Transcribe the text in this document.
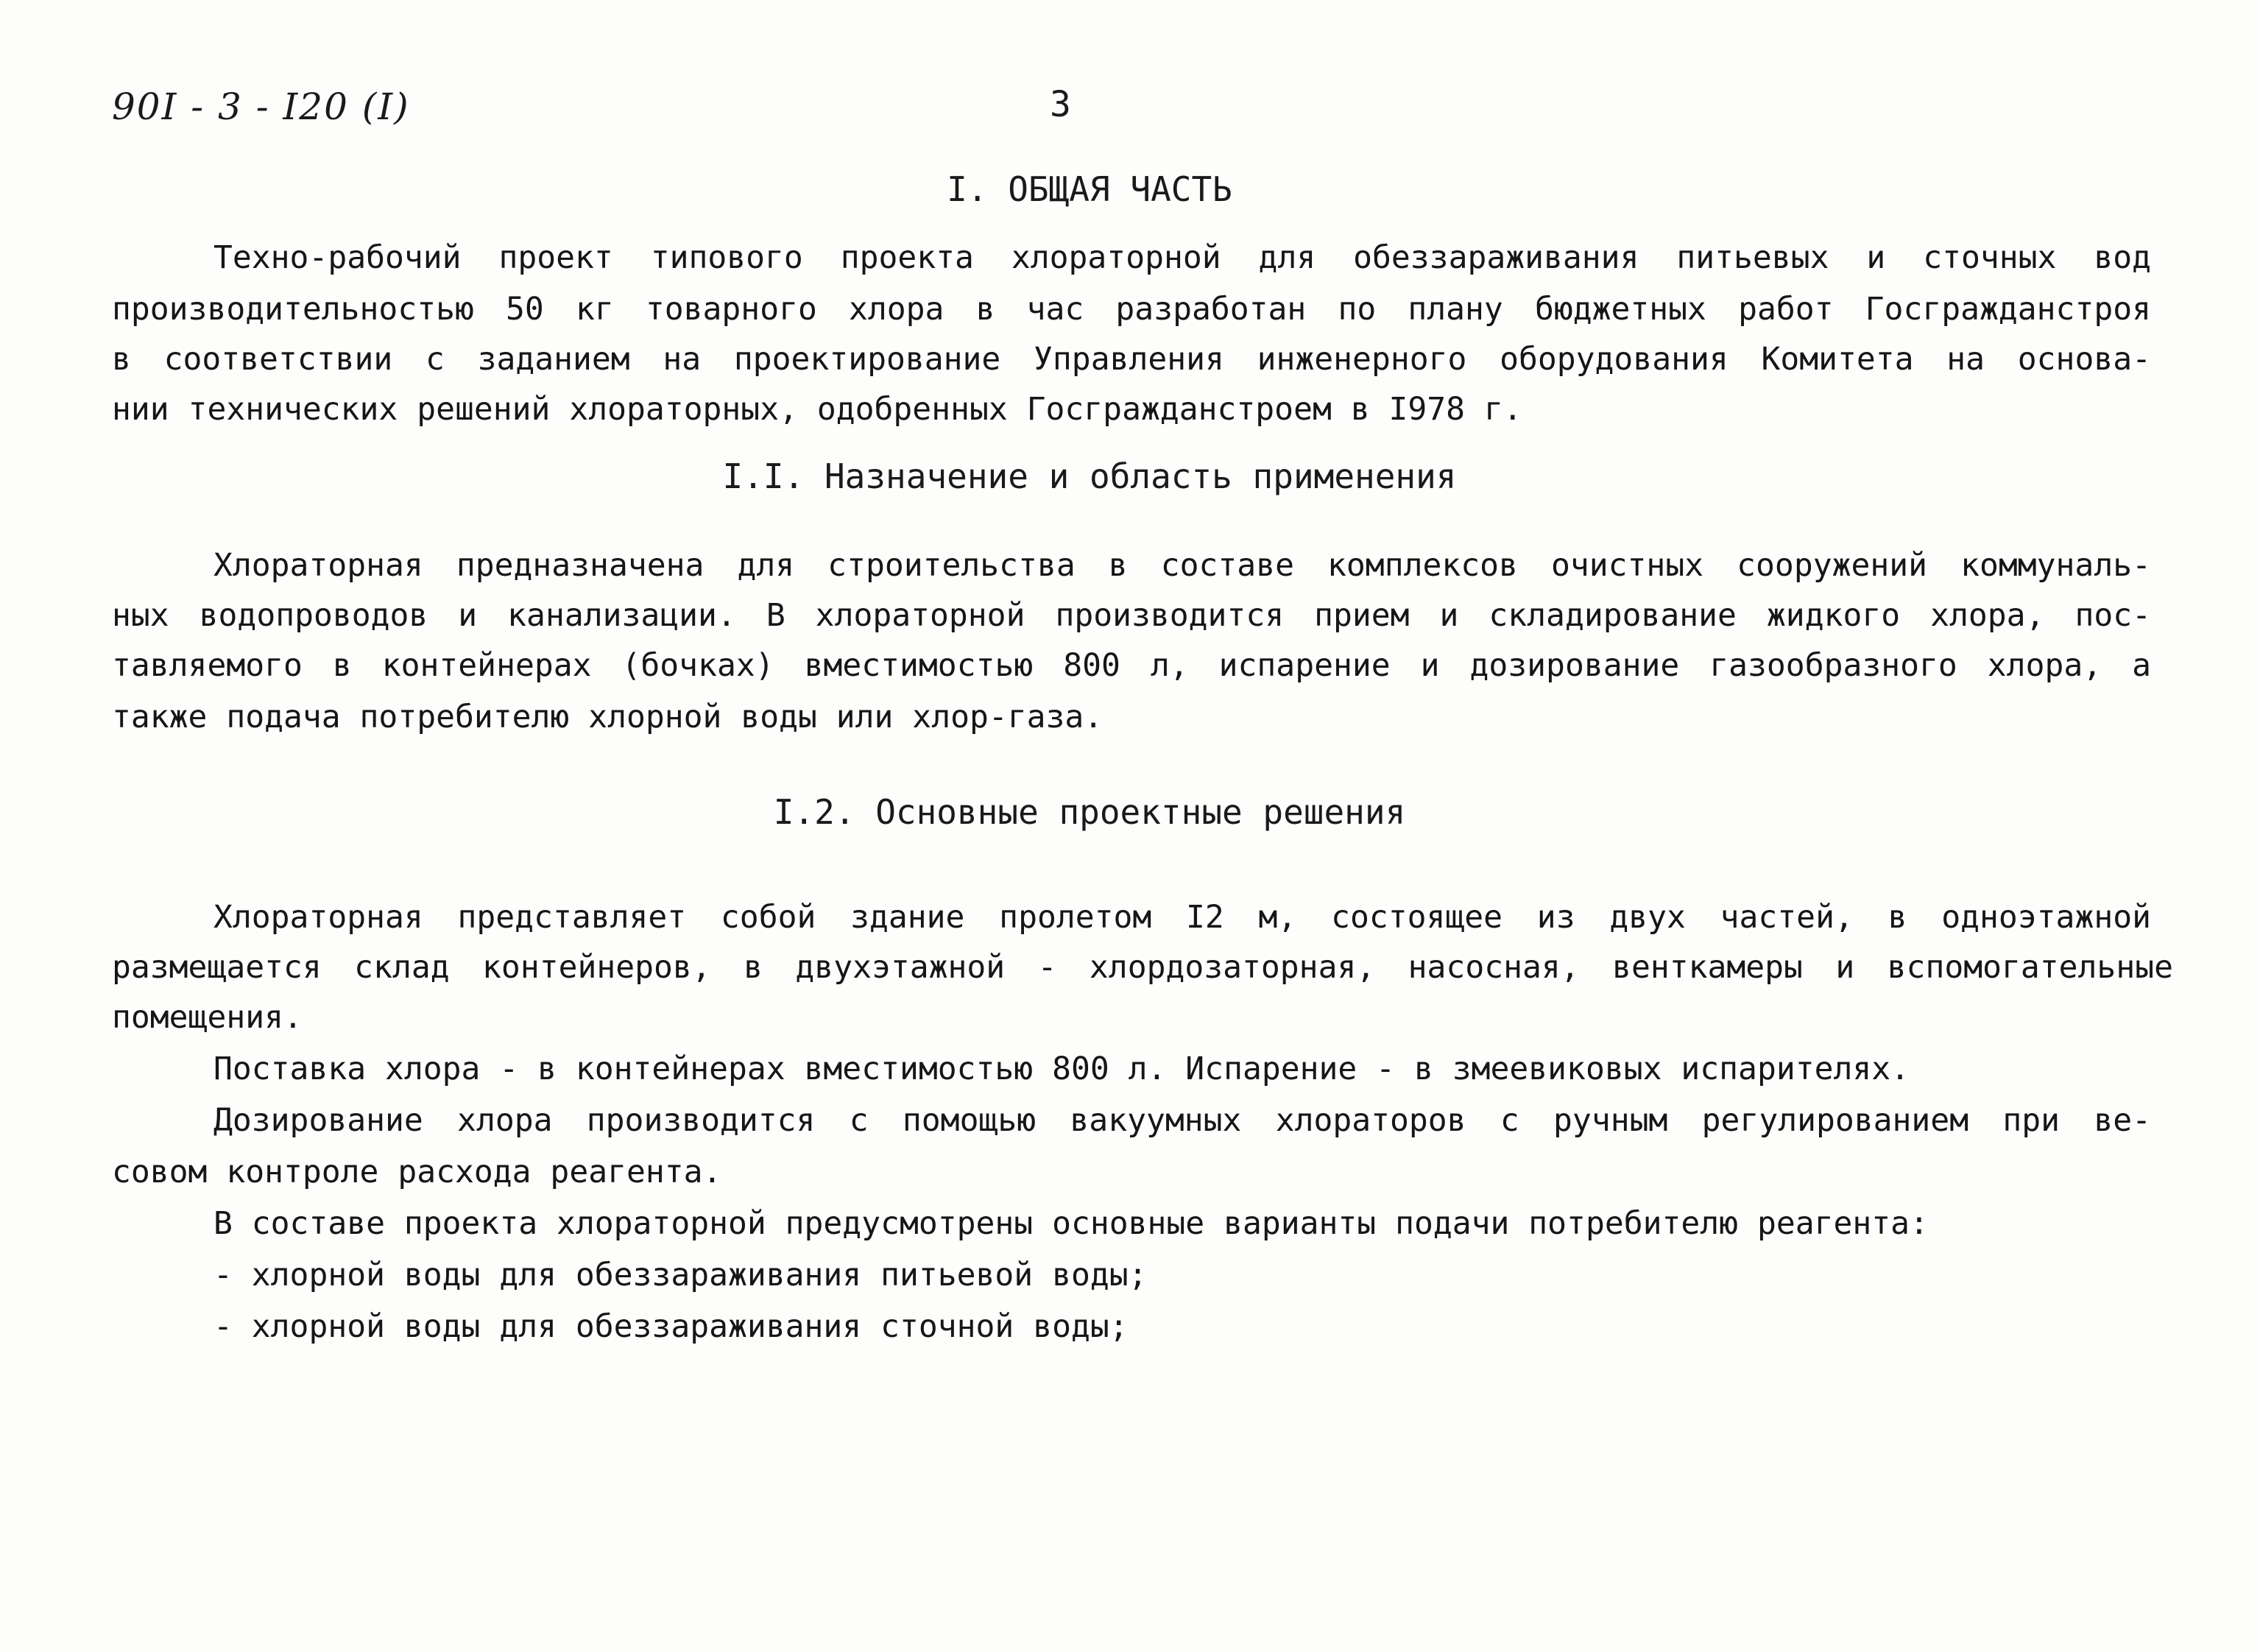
90I - 3 - I20 (I)	3
I. ОБЩАЯ ЧАСТЬ
Техно-рабочий проект типового проекта хлораторной для обеззараживания питьевых и сточных вод
производительностью 50 кг товарного хлора в час разработан по плану бюджетных работ Госгражданстроя
в соответствии с заданием на проектирование Управления инженерного оборудования Комитета на основа-
нии технических решений хлораторных, одобренных Госгражданстроем в I978 г.
I.I. Назначение и область применения
Хлораторная предназначена для строительства в составе комплексов очистных сооружений коммуналь-
ных водопроводов и канализации. В хлораторной производится прием и складирование жидкого хлора, пос-
тавляемого в контейнерах (бочках) вместимостью 800 л, испарение и дозирование газообразного хлора, а
также подача потребителю хлорной воды или хлор-газа.
I.2. Основные проектные решения
Хлораторная представляет собой здание пролетом I2 м, состоящее из двух частей, в одноэтажной
размещается склад контейнеров, в двухэтажной - хлордозаторная, насосная, венткамеры и вспомогательные
помещения.
Поставка хлора - в контейнерах вместимостью 800 л. Испарение - в змеевиковых испарителях.
Дозирование хлора производится с помощью вакуумных хлораторов с ручным регулированием при ве-
совом контроле расхода реагента.
В составе проекта хлораторной предусмотрены основные варианты подачи потребителю реагента:
- хлорной воды для обеззараживания питьевой воды;
- хлорной воды для обеззараживания сточной воды;
